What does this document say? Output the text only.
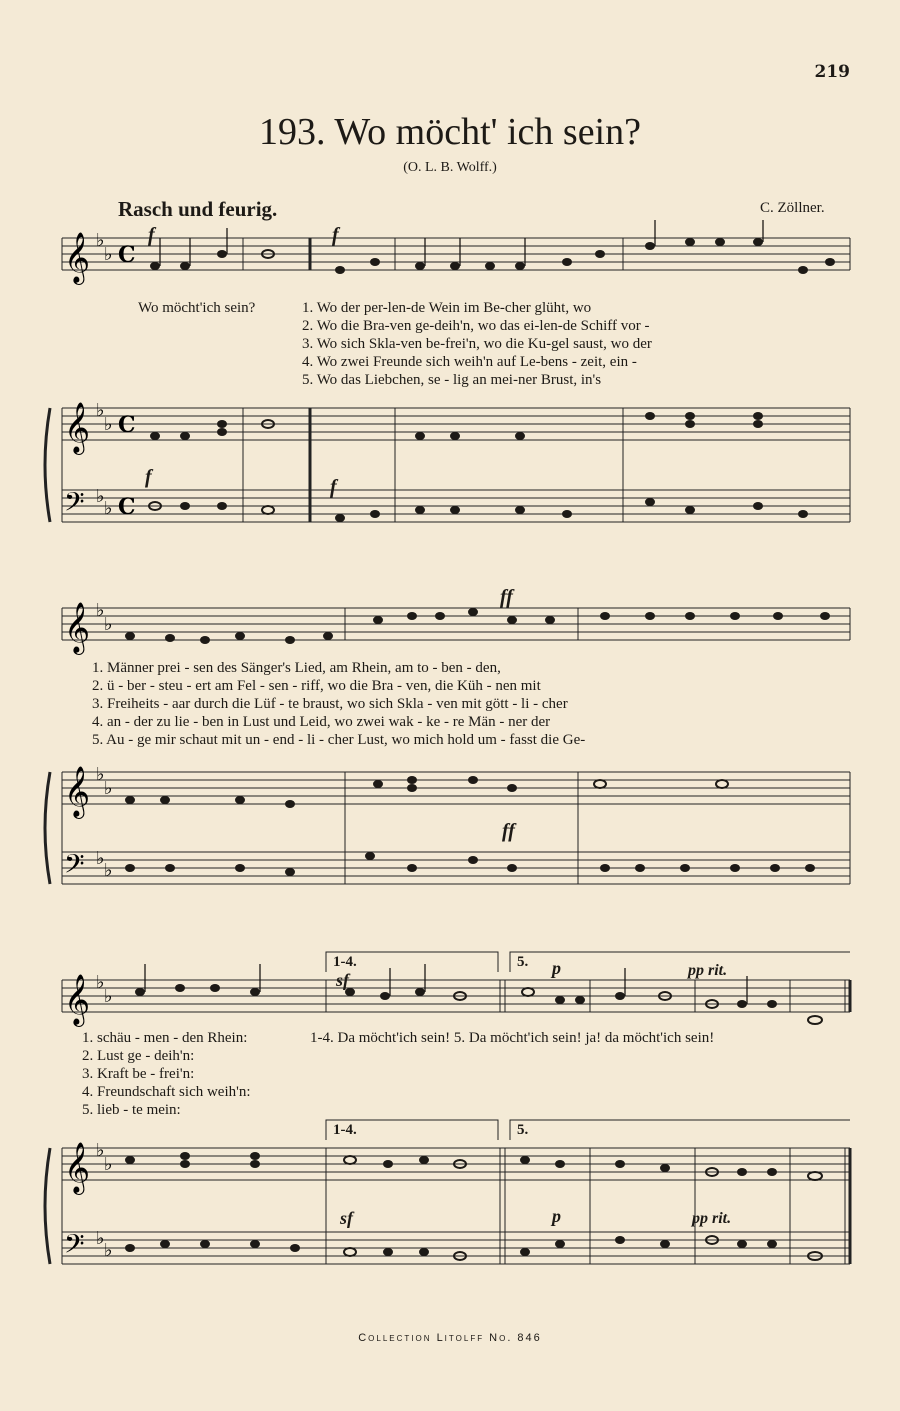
219
193. Wo möcht' ich sein?
(O. L. B. Wolff.)
Rasch und feurig.	C. Zöllner.
𝄞
𝄞
𝄢
♭
♭
♭
♭
♭
♭
C
C
C
f	f
f	f
Wo möcht'ich sein?	1. Wo der per-len-de Wein im Be-cher glüht, wo
2. Wo die Bra-ven ge-deih'n, wo das ei-len-de Schiff vor -
3. Wo sich Skla-ven be-frei'n, wo die Ku-gel saust, wo der
4. Wo zwei Freunde sich weih'n auf Le-bens - zeit, ein -
5. Wo das Liebchen, se - lig an mei-ner Brust, in's
𝄞
𝄞
𝄢
♭
♭
♭
♭
♭
♭
ff
ff
1. Männer prei - sen des Sänger's Lied, am Rhein, am to - ben - den,
2. ü - ber - steu - ert am Fel - sen - riff, wo die Bra - ven, die Küh - nen mit
3. Freiheits - aar durch die Lüf - te braust, wo sich Skla - ven mit gött - li - cher
4. an - der zu lie - ben in Lust und Leid, wo zwei wak - ke - re Män - ner der
5. Au - ge mir schaut mit un - end - li - cher Lust, wo mich hold um - fasst die Ge-
𝄞
𝄞
𝄢
♭
♭
♭
♭
♭
♭
1-4.	5.
1-4.	5.
sf
p	pp rit.
sf	p	pp rit.
1. schäu - men - den Rhein:
2. Lust ge - deih'n:
3. Kraft be - frei'n:
4. Freundschaft sich weih'n:
5. lieb - te mein:
1-4. Da möcht'ich sein! 5. Da möcht'ich sein! ja! da möcht'ich sein!
Collection Litolff No. 846
